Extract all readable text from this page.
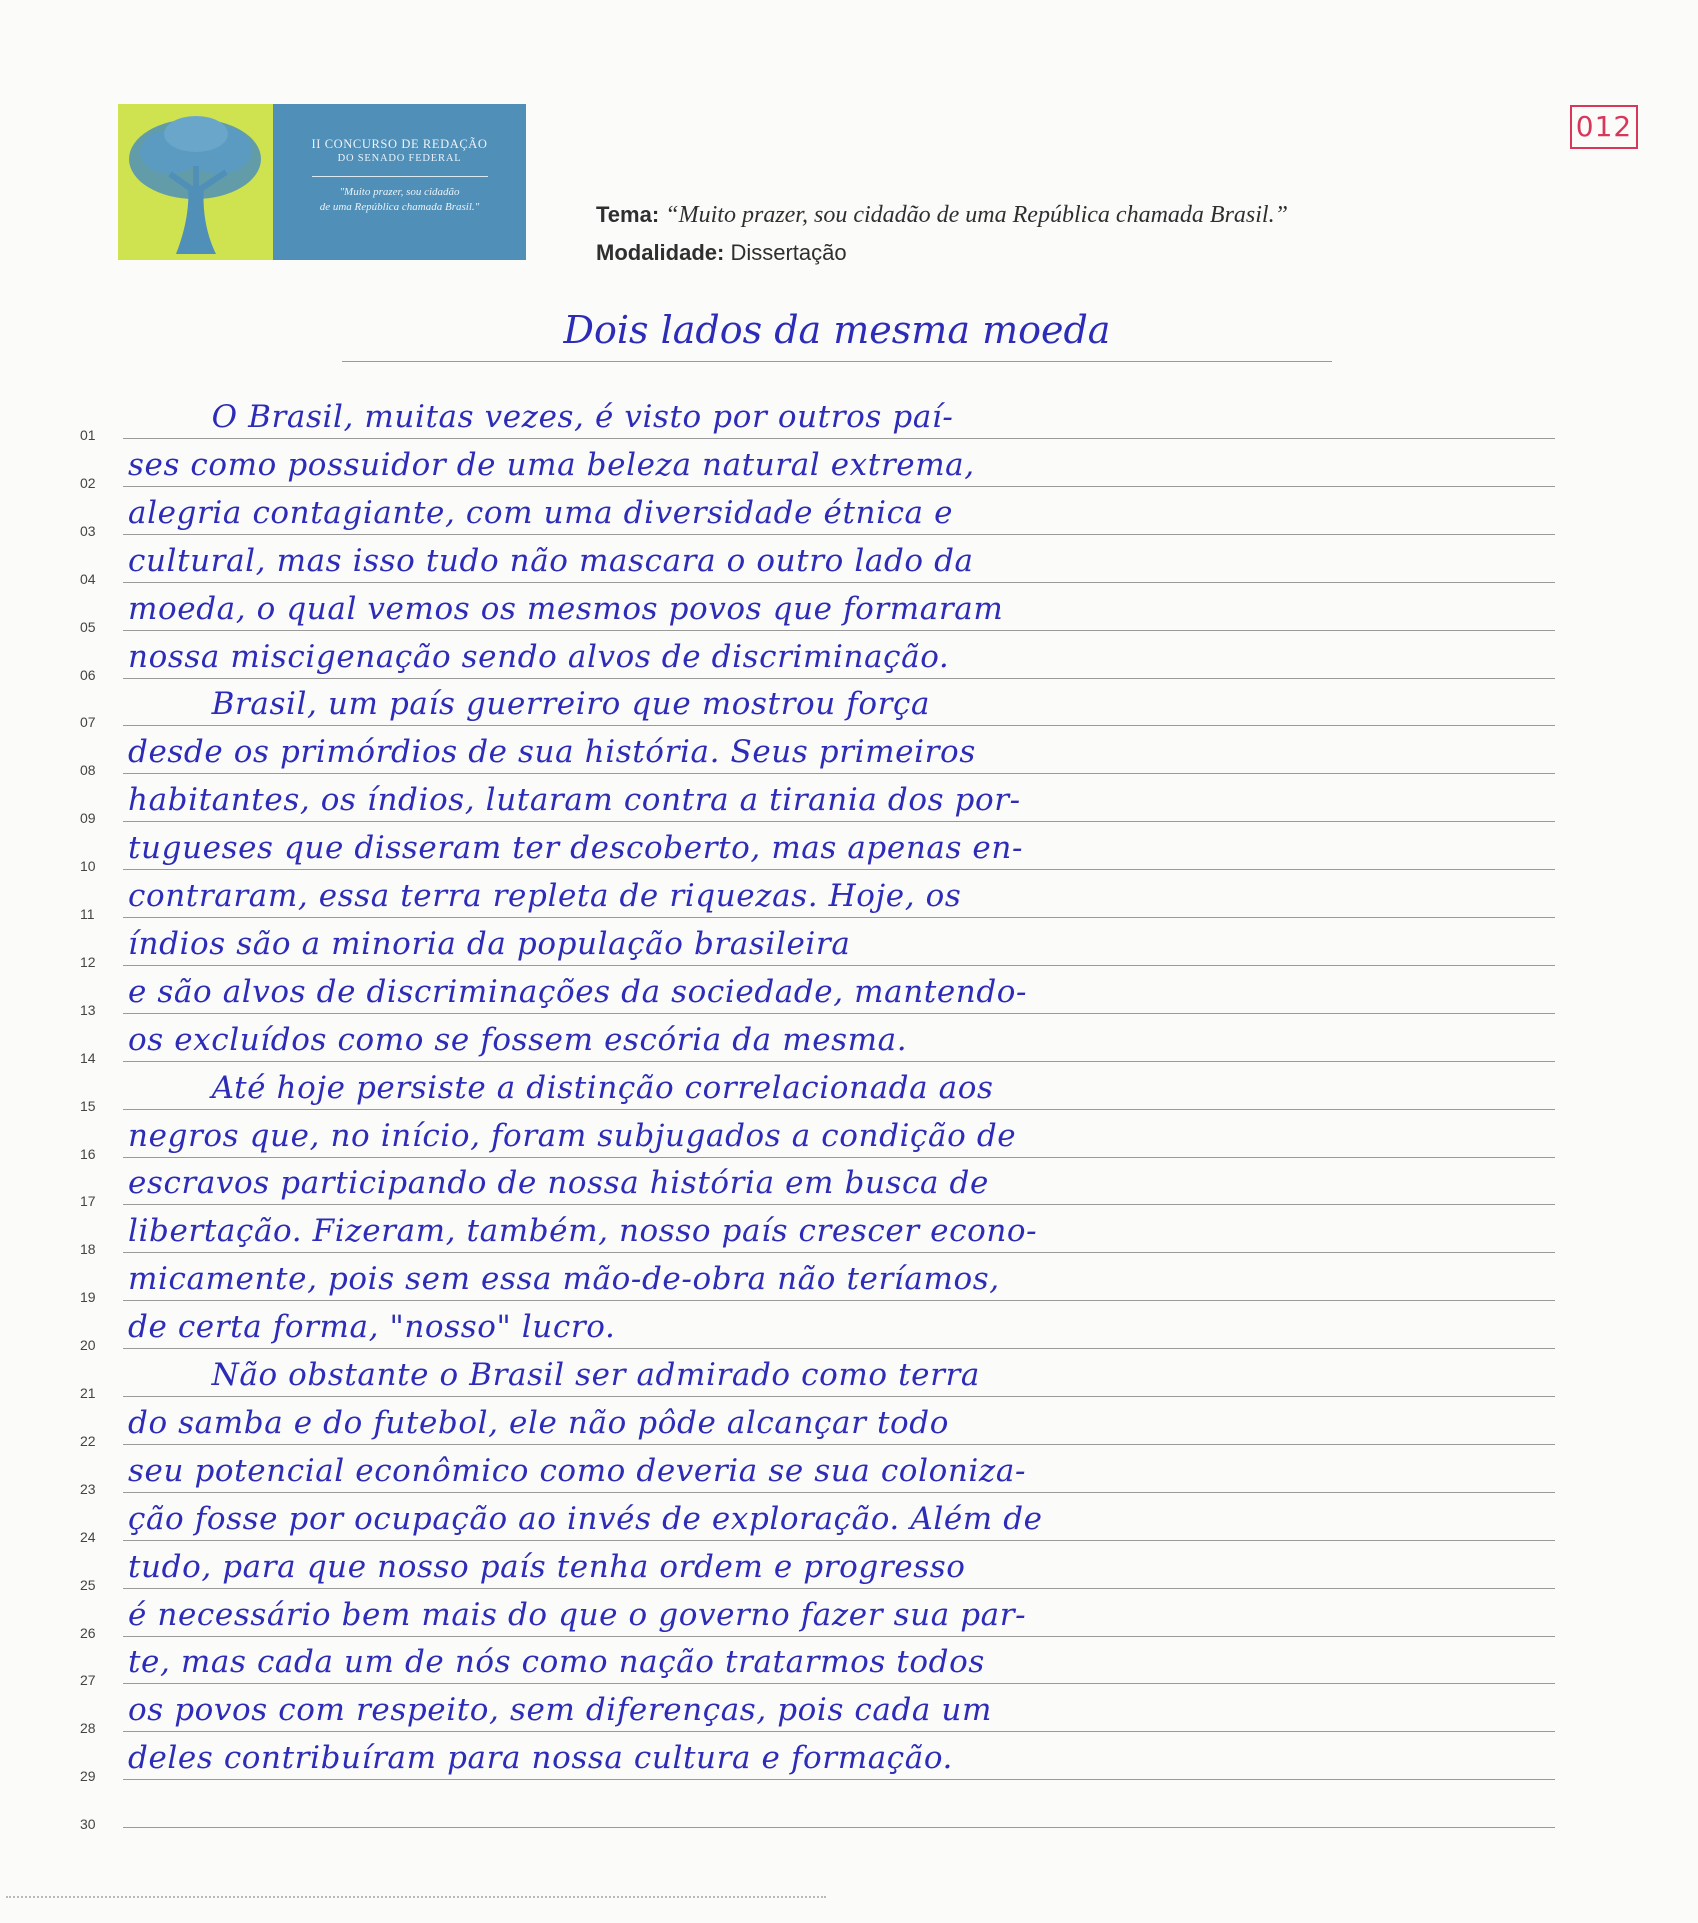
II CONCURSO DE REDAÇÃO
DO SENADO FEDERAL
"Muito prazer, sou cidadão
de uma República chamada Brasil."
012
Tema: “Muito prazer, sou cidadão de uma República chamada Brasil.”
Modalidade: Dissertação
Dois lados da mesma moeda
01	O Brasil, muitas vezes, é visto por outros paí-
02	ses como possuidor de uma beleza natural extrema,
03	alegria contagiante, com uma diversidade étnica e
04	cultural, mas isso tudo não mascara o outro lado da
05	moeda, o qual vemos os mesmos povos que formaram
06	nossa miscigenação sendo alvos de discriminação.
07	Brasil, um país guerreiro que mostrou força
08	desde os primórdios de sua história. Seus primeiros
09	habitantes, os índios, lutaram contra a tirania dos por-
10	tugueses que disseram ter descoberto, mas apenas en-
11	contraram, essa terra repleta de riquezas. Hoje, os
12	índios são a minoria da população brasileira
13	e são alvos de discriminações da sociedade, mantendo-
14	os excluídos como se fossem escória da mesma.
15	Até hoje persiste a distinção correlacionada aos
16	negros que, no início, foram subjugados a condição de
17	escravos participando de nossa história em busca de
18	libertação. Fizeram, também, nosso país crescer econo-
19	micamente, pois sem essa mão-de-obra não teríamos,
20	de certa forma, "nosso" lucro.
21	Não obstante o Brasil ser admirado como terra
22	do samba e do futebol, ele não pôde alcançar todo
23	seu potencial econômico como deveria se sua coloniza-
24	ção fosse por ocupação ao invés de exploração. Além de
25	tudo, para que nosso país tenha ordem e progresso
26	é necessário bem mais do que o governo fazer sua par-
27	te, mas cada um de nós como nação tratarmos todos
28	os povos com respeito, sem diferenças, pois cada um
29	deles contribuíram para nossa cultura e formação.
30
